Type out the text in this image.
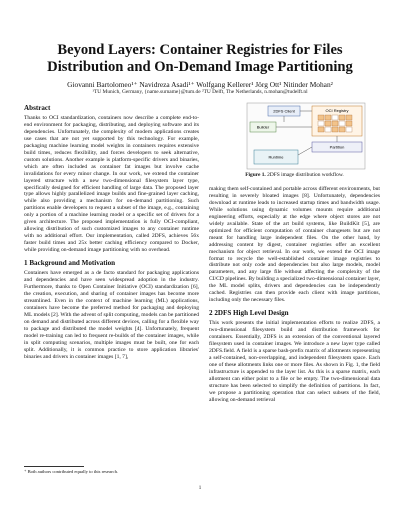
Beyond Layers: Container Registries for Files
Distribution and On-Demand Image Partitioning
Giovanni Bartolomeo¹⁺ Navidreza Asadi¹⁺ Wolfgang Kellerer¹ Jörg Ott¹ Nitinder Mohan²
¹TU Munich, Germany, {name.surname}@tum.de ²TU Delft, The Netherlands, n.mohan@tudelft.nl
Abstract

Thanks to OCI standardization, containers now describe a complete end-to-end environment for packaging, distributing, and deploying software and its dependencies. Unfortunately, the complexity of modern applications creates use cases that are not yet supported by this technology. For example, packaging machine learning model weights in containers requires extensive build times, reduces flexibility, and forces developers to seek alternative, custom solutions. Another example is platform-specific drivers and binaries, which are often included as container fat images but involve cache invalidations for every minor change. In our work, we extend the container layered structure with a new two-dimensional filesystem layer type, specifically designed for efficient handling of large data. The proposed layer type allows highly parallelized image builds and fine-grained layer caching, while also providing a mechanism for on-demand partitioning. Such partitions enable developers to request a subset of the image, e.g., containing only a portion of a machine learning model or a specific set of drivers for a given architecture. The proposed implementation is fully OCI-compliant, allowing distribution of such customized images to any container runtime with no additional effort. Our implementation, called 2DFS, achieves 56x faster build times and 25x better caching efficiency compared to Docker, while providing on-demand image partitioning with no overhead.

1 Background and Motivation

Containers have emerged as a de facto standard for packaging applications and dependencies and have seen widespread adoption in the industry. Furthermore, thanks to Open Container Initiative (OCI) standardization [6], the creation, execution, and sharing of container images has become more streamlined. Even in the context of machine learning (ML) applications, containers have become the preferred method for packaging and deploying ML models [2]. With the advent of split computing, models can be partitioned on demand and distributed across different devices, calling for a flexible way to package and distributed the model weights [4]. Unfortunately, frequent model re-training can led to frequent re-builds of the container images, while in split computing scenarios, multiple images must be built, one for each split. Additionally, it is common practice to store application libraries' binaries and drivers in container images [1, 7],

⁺ Both authors contributed equally to this research.
2DFS Client
Builder
OCI Registry
Partition
Runtime
Figure 1. 2DFS image distribution workflow.

making them self-contained and portable across different environments, but resulting in severely bloated images [8]. Unfortunately, dependencies download at runtime leads to increased startup times and bandwidth usage. While solutions using dynamic volumes mounts require additional engineering efforts, especially at the edge where object stores are not widely available. State of the art build systems, like BuildKit [5], are optimized for efficient computation of container changesets but are not meant for handling large independent files. On the other hand, by addressing content by digest, container registries offer an excellent mechanism for object retrieval. In our work, we extend the OCI image format to recycle the well-established container image registries to distribute not only code and dependencies but also large models, model parameters, and any large file without affecting the complexity of the CI/CD pipelines. By building a specialized two-dimensional container layer, the ML model splits, drivers and dependencies can be independently cached. Registries can then provide each client with image partitions, including only the necessary files.

2 2DFS High Level Design

This work presents the initial implementation efforts to realize 2DFS, a two-dimensional filesystem build and distribution framework for containers. Essentially, 2DFS is an extension of the conventional layered filesystem used in container images. We introduce a new layer type called 2DFS.field. A field is a sparse bash-prefix matrix of allotments representing a self-contained, non-overlapping, and independent filesystem space. Each one of these allotments links one or more files. As shown in Fig. 1, the field infrastructure is appended to the layer list. As this is a sparse matrix, each allotment can either point to a file or be empty. The two-dimensional data structure has been selected to simplify the definition of partitions. In fact, we propose a partitioning operation that can select subsets of the field, allowing on-demand retrieval

1
